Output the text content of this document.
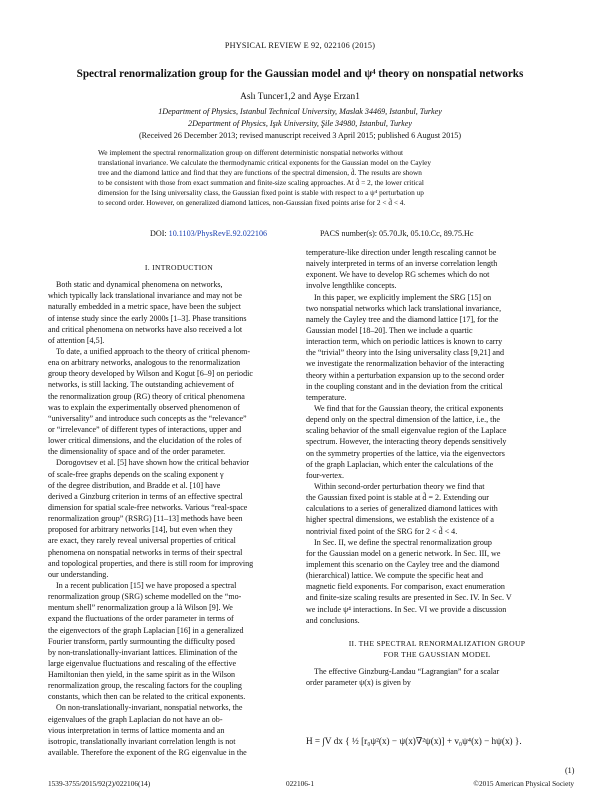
PHYSICAL REVIEW E 92, 022106 (2015)
Spectral renormalization group for the Gaussian model and ψ⁴ theory on nonspatial networks
Aslı Tuncer1,2 and Ayşe Erzan1
1Department of Physics, Istanbul Technical University, Maslak 34469, Istanbul, Turkey
2Department of Physics, Işık University, Şile 34980, Istanbul, Turkey
(Received 26 December 2013; revised manuscript received 3 April 2015; published 6 August 2015)
We implement the spectral renormalization group on different deterministic nonspatial networks without
translational invariance. We calculate the thermodynamic critical exponents for the Gaussian model on the Cayley
tree and the diamond lattice and find that they are functions of the spectral dimension, d̃. The results are shown
to be consistent with those from exact summation and finite-size scaling approaches. At d̃ = 2, the lower critical
dimension for the Ising universality class, the Gaussian fixed point is stable with respect to a ψ⁴ perturbation up
to second order. However, on generalized diamond lattices, non-Gaussian fixed points arise for 2 < d̃ < 4.
DOI: 10.1103/PhysRevE.92.022106	PACS number(s): 05.70.Jk, 05.10.Cc, 89.75.Hc
I. INTRODUCTION
 Both static and dynamical phenomena on networks,
which typically lack translational invariance and may not be
naturally embedded in a metric space, have been the subject
of intense study since the early 2000s [1–3]. Phase transitions
and critical phenomena on networks have also received a lot
of attention [4,5].
 To date, a unified approach to the theory of critical phenom-
ena on arbitrary networks, analogous to the renormalization
group theory developed by Wilson and Kogut [6–9] on periodic
networks, is still lacking. The outstanding achievement of
the renormalization group (RG) theory of critical phenomena
was to explain the experimentally observed phenomenon of
“universality” and introduce such concepts as the “relevance”
or “irrelevance” of different types of interactions, upper and
lower critical dimensions, and the elucidation of the roles of
the dimensionality of space and of the order parameter.
 Dorogovtsev et al. [5] have shown how the critical behavior
of scale-free graphs depends on the scaling exponent γ
of the degree distribution, and Bradde et al. [10] have
derived a Ginzburg criterion in terms of an effective spectral
dimension for spatial scale-free networks. Various “real-space
renormalization group” (RSRG) [11–13] methods have been
proposed for arbitrary networks [14], but even when they
are exact, they rarely reveal universal properties of critical
phenomena on nonspatial networks in terms of their spectral
and topological properties, and there is still room for improving
our understanding.
 In a recent publication [15] we have proposed a spectral
renormalization group (SRG) scheme modelled on the “mo-
mentum shell” renormalization group a là Wilson [9]. We
expand the fluctuations of the order parameter in terms of
the eigenvectors of the graph Laplacian [16] in a generalized
Fourier transform, partly surmounting the difficulty posed
by non-translationally-invariant lattices. Elimination of the
large eigenvalue fluctuations and rescaling of the effective
Hamiltonian then yield, in the same spirit as in the Wilson
renormalization group, the rescaling factors for the coupling
constants, which then can be related to the critical exponents.
 On non-translationally-invariant, nonspatial networks, the
eigenvalues of the graph Laplacian do not have an ob-
vious interpretation in terms of lattice momenta and an
isotropic, translationally invariant correlation length is not
available. Therefore the exponent of the RG eigenvalue in the
temperature-like direction under length rescaling cannot be
naively interpreted in terms of an inverse correlation length
exponent. We have to develop RG schemes which do not
involve lengthlike concepts.
 In this paper, we explicitly implement the SRG [15] on
two nonspatial networks which lack translational invariance,
namely the Cayley tree and the diamond lattice [17], for the
Gaussian model [18–20]. Then we include a quartic
interaction term, which on periodic lattices is known to carry
the “trivial” theory into the Ising universality class [9,21] and
we investigate the renormalization behavior of the interacting
theory within a perturbation expansion up to the second order
in the coupling constant and in the deviation from the critical
temperature.
 We find that for the Gaussian theory, the critical exponents
depend only on the spectral dimension of the lattice, i.e., the
scaling behavior of the small eigenvalue region of the Laplace
spectrum. However, the interacting theory depends sensitively
on the symmetry properties of the lattice, via the eigenvectors
of the graph Laplacian, which enter the calculations of the
four-vertex.
 Within second-order perturbation theory we find that
the Gaussian fixed point is stable at d̃ = 2. Extending our
calculations to a series of generalized diamond lattices with
higher spectral dimensions, we establish the existence of a
nontrivial fixed point of the SRG for 2 < d̃ < 4.
 In Sec. II, we define the spectral renormalization group
for the Gaussian model on a generic network. In Sec. III, we
implement this scenario on the Cayley tree and the diamond
(hierarchical) lattice. We compute the specific heat and
magnetic field exponents. For comparison, exact enumeration
and finite-size scaling results are presented in Sec. IV. In Sec. V
we include ψ⁴ interactions. In Sec. VI we provide a discussion
and conclusions.
II. THE SPECTRAL RENORMALIZATION GROUP
FOR THE GAUSSIAN MODEL
 The effective Ginzburg-Landau “Lagrangian” for a scalar
order parameter ψ(x) is given by
H = ∫V dx { ½ [r₀ψ²(x) − ψ(x)∇²ψ(x)] + v₀ψ⁴(x) − hψ(x) }.
(1)
1539-3755/2015/92(2)/022106(14)	022106-1	©2015 American Physical Society
